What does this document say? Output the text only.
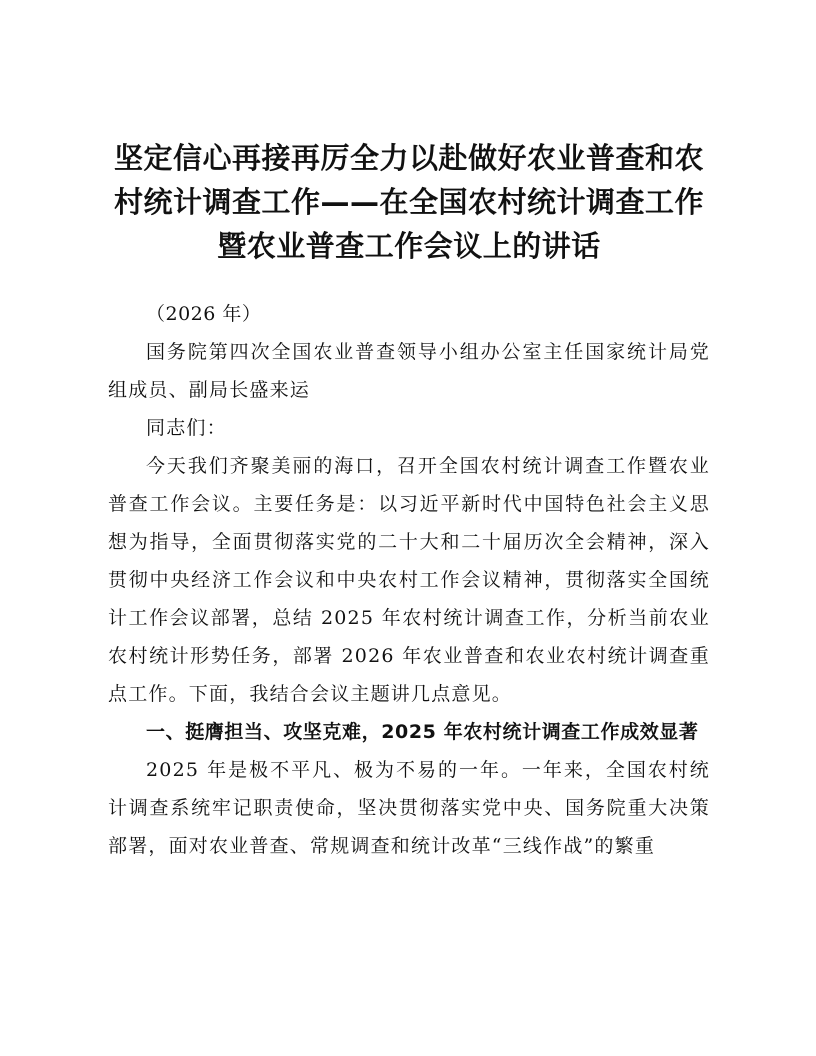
坚定信心再接再厉全力以赴做好农业普查和农村统计调查工作——在全国农村统计调查工作暨农业普查工作会议上的讲话

（2026 年）

国务院第四次全国农业普查领导小组办公室主任国家统计局党组成员、副局长盛来运

同志们：

今天我们齐聚美丽的海口，召开全国农村统计调查工作暨农业普查工作会议。主要任务是：以习近平新时代中国特色社会主义思想为指导，全面贯彻落实党的二十大和二十届历次全会精神，深入贯彻中央经济工作会议和中央农村工作会议精神，贯彻落实全国统计工作会议部署，总结 2025 年农村统计调查工作，分析当前农业农村统计形势任务，部署 2026 年农业普查和农业农村统计调查重点工作。下面，我结合会议主题讲几点意见。

一、挺膺担当、攻坚克难，2025 年农村统计调查工作成效显著

2025 年是极不平凡、极为不易的一年。一年来，全国农村统计调查系统牢记职责使命，坚决贯彻落实党中央、国务院重大决策部署，面对农业普查、常规调查和统计改革“三线作战”的繁重
